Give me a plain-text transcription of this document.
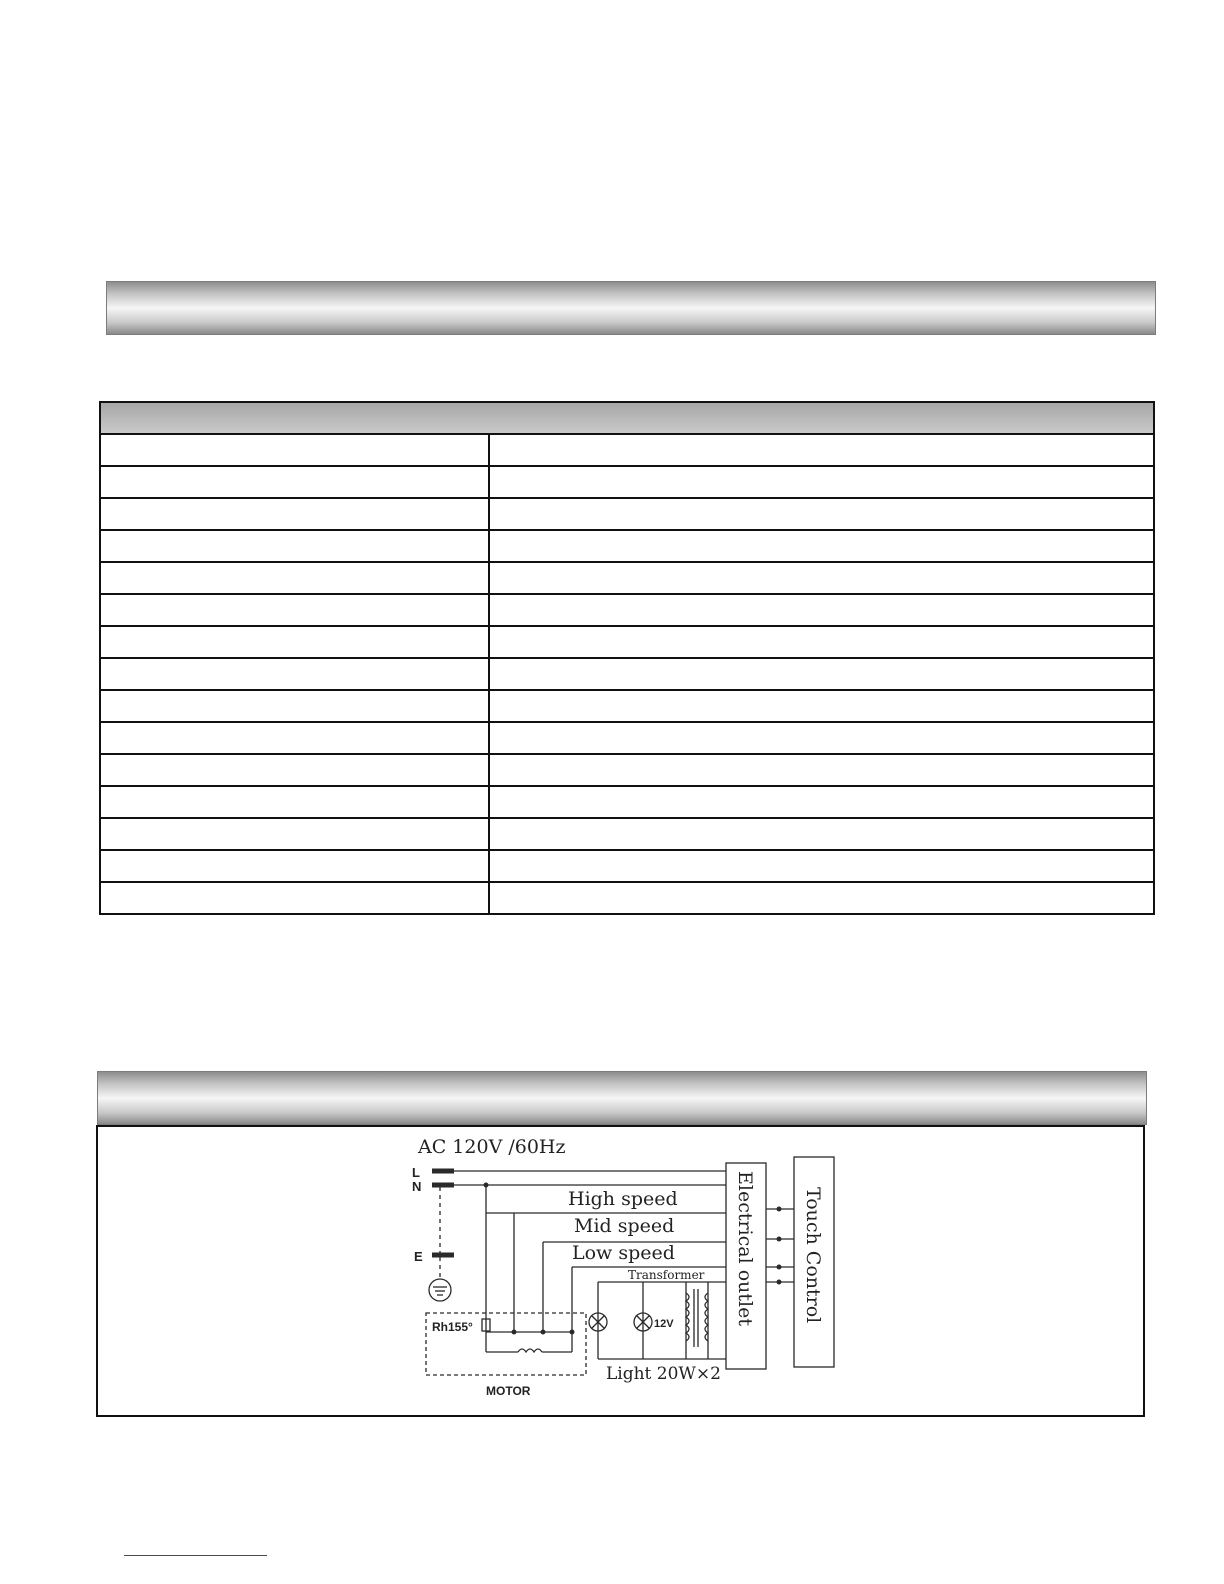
AC 120V /60Hz
L
N
E
High speed
Mid speed
Low speed
Transformer
Rh155°	12V
Light 20W×2
MOTOR
Electrical outlet Touch Control
